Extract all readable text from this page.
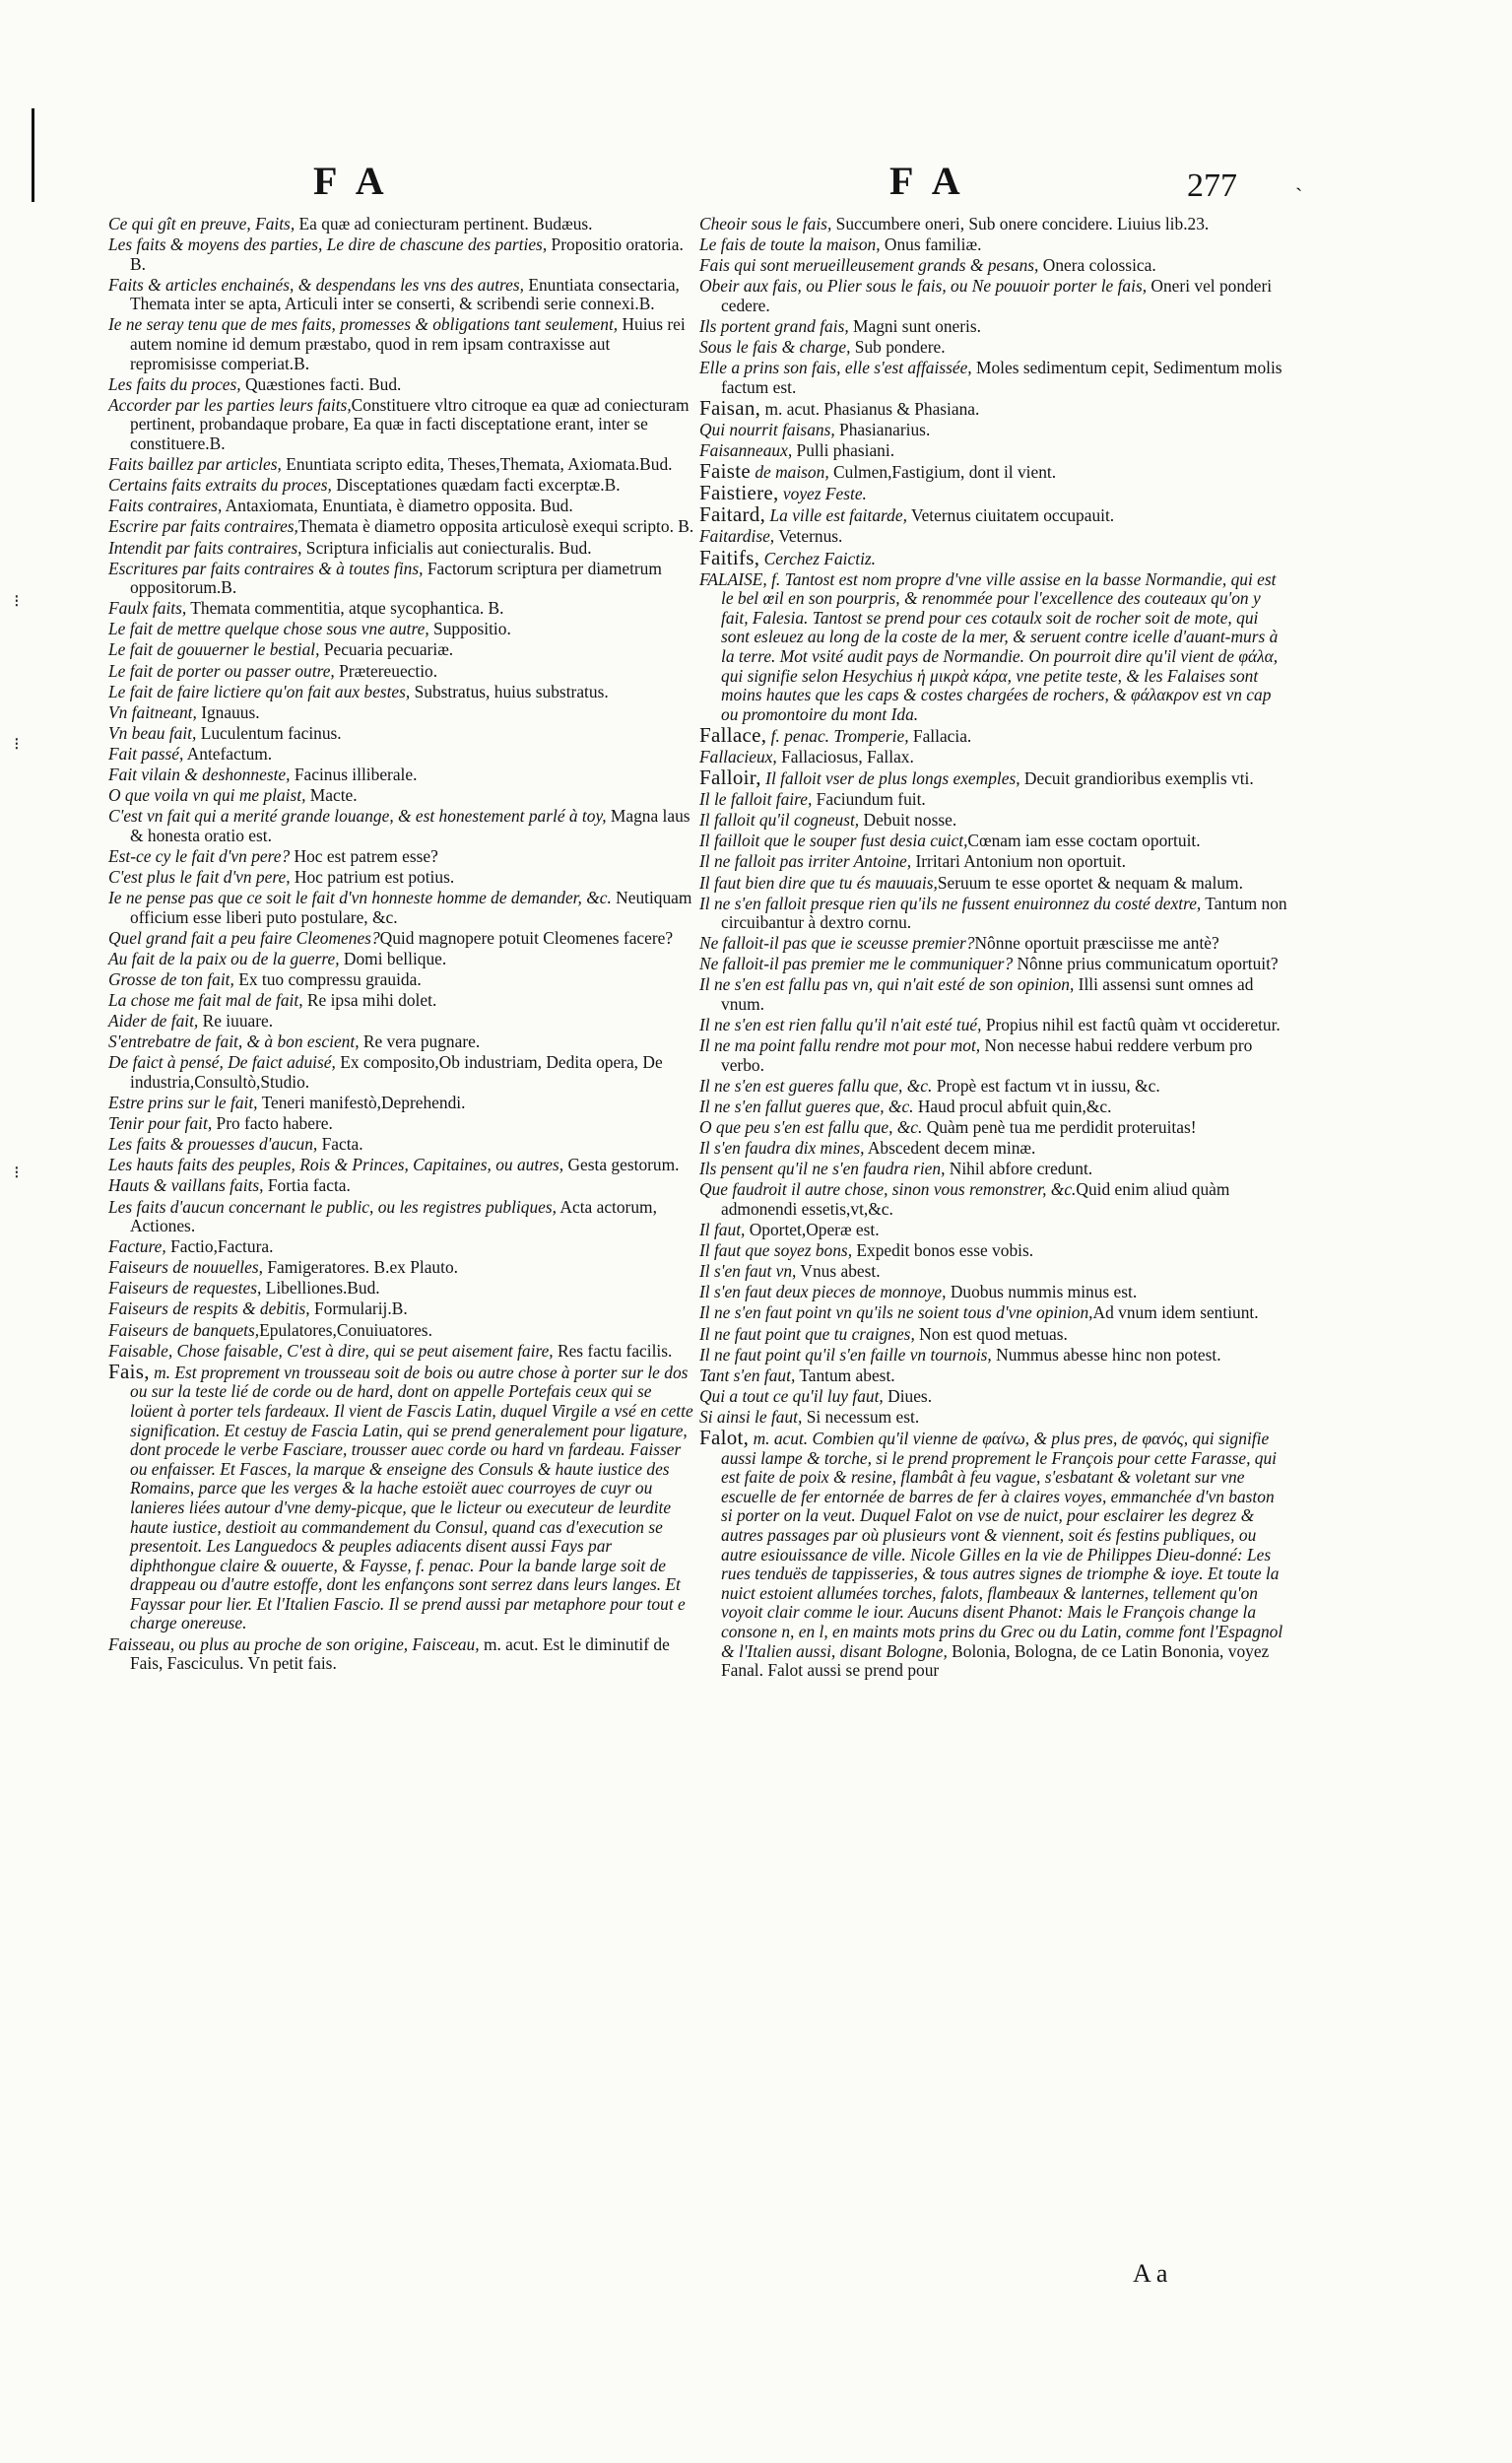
⁝
⁝
⁝
F A	F A	277	`

Ce qui gît en preuve, Faits, Ea quæ ad coniecturam pertinent. Budæus.

Les faits & moyens des parties, Le dire de chascune des parties, Propositio oratoria. B.

Faits & articles enchainés, & despendans les vns des autres, Enuntiata consectaria, Themata inter se apta, Articuli inter se conserti, & scribendi serie connexi.B.

Ie ne seray tenu que de mes faits, promesses & obligations tant seulement, Huius rei autem nomine id demum præstabo, quod in rem ipsam contraxisse aut repromisisse comperiat.B.

Les faits du proces, Quæstiones facti. Bud.

Accorder par les parties leurs faits,Constituere vltro citroque ea quæ ad coniecturam pertinent, probandaque probare, Ea quæ in facti disceptatione erant, inter se constituere.B.

Faits baillez par articles, Enuntiata scripto edita, Theses,Themata, Axiomata.Bud.

Certains faits extraits du proces, Disceptationes quædam facti excerptæ.B.

Faits contraires, Antaxiomata, Enuntiata, è diametro opposita. Bud.

Escrire par faits contraires,Themata è diametro opposita articulosè exequi scripto. B.

Intendit par faits contraires, Scriptura inficialis aut coniecturalis. Bud.

Escritures par faits contraires & à toutes fins, Factorum scriptura per diametrum oppositorum.B.

Faulx faits, Themata commentitia, atque sycophantica. B.

Le fait de mettre quelque chose sous vne autre, Suppositio.

Le fait de gouuerner le bestial, Pecuaria pecuariæ.

Le fait de porter ou passer outre, Prætereuectio.

Le fait de faire lictiere qu'on fait aux bestes, Substratus, huius substratus.

Vn faitneant, Ignauus.

Vn beau fait, Luculentum facinus.

Fait passé, Antefactum.

Fait vilain & deshonneste, Facinus illiberale.

O que voila vn qui me plaist, Macte.

C'est vn fait qui a merité grande louange, & est honestement parlé à toy, Magna laus & honesta oratio est.

Est-ce cy le fait d'vn pere? Hoc est patrem esse?

C'est plus le fait d'vn pere, Hoc patrium est potius.

Ie ne pense pas que ce soit le fait d'vn honneste homme de demander, &c. Neutiquam officium esse liberi puto postulare, &c.

Quel grand fait a peu faire Cleomenes?Quid magnopere potuit Cleomenes facere?

Au fait de la paix ou de la guerre, Domi bellique.

Grosse de ton fait, Ex tuo compressu grauida.

La chose me fait mal de fait, Re ipsa mihi dolet.

Aider de fait, Re iuuare.

S'entrebatre de fait, & à bon escient, Re vera pugnare.

De faict à pensé, De faict aduisé, Ex composito,Ob industriam, Dedita opera, De industria,Consultò,Studio.

Estre prins sur le fait, Teneri manifestò,Deprehendi.

Tenir pour fait, Pro facto habere.

Les faits & prouesses d'aucun, Facta.

Les hauts faits des peuples, Rois & Princes, Capitaines, ou autres, Gesta gestorum.

Hauts & vaillans faits, Fortia facta.

Les faits d'aucun concernant le public, ou les registres publiques, Acta actorum, Actiones.

Facture, Factio,Factura.

Faiseurs de nouuelles, Famigeratores. B.ex Plauto.

Faiseurs de requestes, Libelliones.Bud.

Faiseurs de respits & debitis, Formularij.B.

Faiseurs de banquets,Epulatores,Conuiuatores.

Faisable, Chose faisable, C'est à dire, qui se peut aisement faire, Res factu facilis.

Fais, m. Est proprement vn trousseau soit de bois ou autre chose à porter sur le dos ou sur la teste lié de corde ou de hard, dont on appelle Portefais ceux qui se loüent à porter tels fardeaux. Il vient de Fascis Latin, duquel Virgile a vsé en cette signification. Et cestuy de Fascia Latin, qui se prend generalement pour ligature, dont procede le verbe Fasciare, trousser auec corde ou hard vn fardeau. Faisser ou enfaisser. Et Fasces, la marque & enseigne des Consuls & haute iustice des Romains, parce que les verges & la hache estoiët auec courroyes de cuyr ou lanieres liées autour d'vne demy-picque, que le licteur ou executeur de leurdite haute iustice, destioit au commandement du Consul, quand cas d'execution se presentoit. Les Languedocs & peuples adiacents disent aussi Fays par diphthongue claire & ouuerte, & Faysse, f. penac. Pour la bande large soit de drappeau ou d'autre estoffe, dont les enfançons sont serrez dans leurs langes. Et Fayssar pour lier. Et l'Italien Fascio. Il se prend aussi par metaphore pour tout e charge onereuse.

Faisseau, ou plus au proche de son origine, Faisceau, m. acut. Est le diminutif de Fais, Fasciculus. Vn petit fais.

Cheoir sous le fais, Succumbere oneri, Sub onere concidere. Liuius lib.23.

Le fais de toute la maison, Onus familiæ.

Fais qui sont merueilleusement grands & pesans, Onera colossica.

Obeir aux fais, ou Plier sous le fais, ou Ne pouuoir porter le fais, Oneri vel ponderi cedere.

Ils portent grand fais, Magni sunt oneris.

Sous le fais & charge, Sub pondere.

Elle a prins son fais, elle s'est affaissée, Moles sedimentum cepit, Sedimentum molis factum est.

Faisan, m. acut. Phasianus & Phasiana.

Qui nourrit faisans, Phasianarius.

Faisanneaux, Pulli phasiani.

Faiste de maison, Culmen,Fastigium, dont il vient.

Faistiere, voyez Feste.

Faitard, La ville est faitarde, Veternus ciuitatem occupauit.

Faitardise, Veternus.

Faitifs, Cerchez Faictiz.

FALAISE, f. Tantost est nom propre d'vne ville assise en la basse Normandie, qui est le bel œil en son pourpris, & renommée pour l'excellence des couteaux qu'on y fait, Falesia. Tantost se prend pour ces cotaulx soit de rocher soit de mote, qui sont esleuez au long de la coste de la mer, & seruent contre icelle d'auant-murs à la terre. Mot vsité audit pays de Normandie. On pourroit dire qu'il vient de φάλα, qui signifie selon Hesychius ἡ μικρὰ κάρα, vne petite teste, & les Falaises sont moins hautes que les caps & costes chargées de rochers, & φάλακρον est vn cap ou promontoire du mont Ida.

Fallace, f. penac. Tromperie, Fallacia.

Fallacieux, Fallaciosus, Fallax.

Falloir, Il falloit vser de plus longs exemples, Decuit grandioribus exemplis vti.

Il le falloit faire, Faciundum fuit.

Il falloit qu'il cogneust, Debuit nosse.

Il failloit que le souper fust desia cuict,Cœnam iam esse coctam oportuit.

Il ne falloit pas irriter Antoine, Irritari Antonium non oportuit.

Il faut bien dire que tu és mauuais,Seruum te esse oportet & nequam & malum.

Il ne s'en falloit presque rien qu'ils ne fussent enuironnez du costé dextre, Tantum non circuibantur à dextro cornu.

Ne falloit-il pas que ie sceusse premier?Nônne oportuit præsciisse me antè?

Ne falloit-il pas premier me le communiquer? Nônne prius communicatum oportuit?

Il ne s'en est fallu pas vn, qui n'ait esté de son opinion, Illi assensi sunt omnes ad vnum.

Il ne s'en est rien fallu qu'il n'ait esté tué, Propius nihil est factû quàm vt occideretur.

Il ne ma point fallu rendre mot pour mot, Non necesse habui reddere verbum pro verbo.

Il ne s'en est gueres fallu que, &c. Propè est factum vt in iussu, &c.

Il ne s'en fallut gueres que, &c. Haud procul abfuit quin,&c.

O que peu s'en est fallu que, &c. Quàm penè tua me perdidit proteruitas!

Il s'en faudra dix mines, Abscedent decem minæ.

Ils pensent qu'il ne s'en faudra rien, Nihil abfore credunt.

Que faudroit il autre chose, sinon vous remonstrer, &c.Quid enim aliud quàm admonendi essetis,vt,&c.

Il faut, Oportet,Operæ est.

Il faut que soyez bons, Expedit bonos esse vobis.

Il s'en faut vn, Vnus abest.

Il s'en faut deux pieces de monnoye, Duobus nummis minus est.

Il ne s'en faut point vn qu'ils ne soient tous d'vne opinion,Ad vnum idem sentiunt.

Il ne faut point que tu craignes, Non est quod metuas.

Il ne faut point qu'il s'en faille vn tournois, Nummus abesse hinc non potest.

Tant s'en faut, Tantum abest.

Qui a tout ce qu'il luy faut, Diues.

Si ainsi le faut, Si necessum est.

Falot, m. acut. Combien qu'il vienne de φαίνω, & plus pres, de φανός, qui signifie aussi lampe & torche, si le prend proprement le François pour cette Farasse, qui est faite de poix & resine, flambât à feu vague, s'esbatant & voletant sur vne escuelle de fer entornée de barres de fer à claires voyes, emmanchée d'vn baston si porter on la veut. Duquel Falot on vse de nuict, pour esclairer les degrez & autres passages par où plusieurs vont & viennent, soit és festins publiques, ou autre esiouissance de ville. Nicole Gilles en la vie de Philippes Dieu-donné: Les rues tenduës de tappisseries, & tous autres signes de triomphe & ioye. Et toute la nuict estoient allumées torches, falots, flambeaux & lanternes, tellement qu'on voyoit clair comme le iour. Aucuns disent Phanot: Mais le François change la consone n, en l, en maints mots prins du Grec ou du Latin, comme font l'Espagnol & l'Italien aussi, disant Bologne, Bolonia, Bologna, de ce Latin Bononia, voyez Fanal. Falot aussi se prend pour

A a
